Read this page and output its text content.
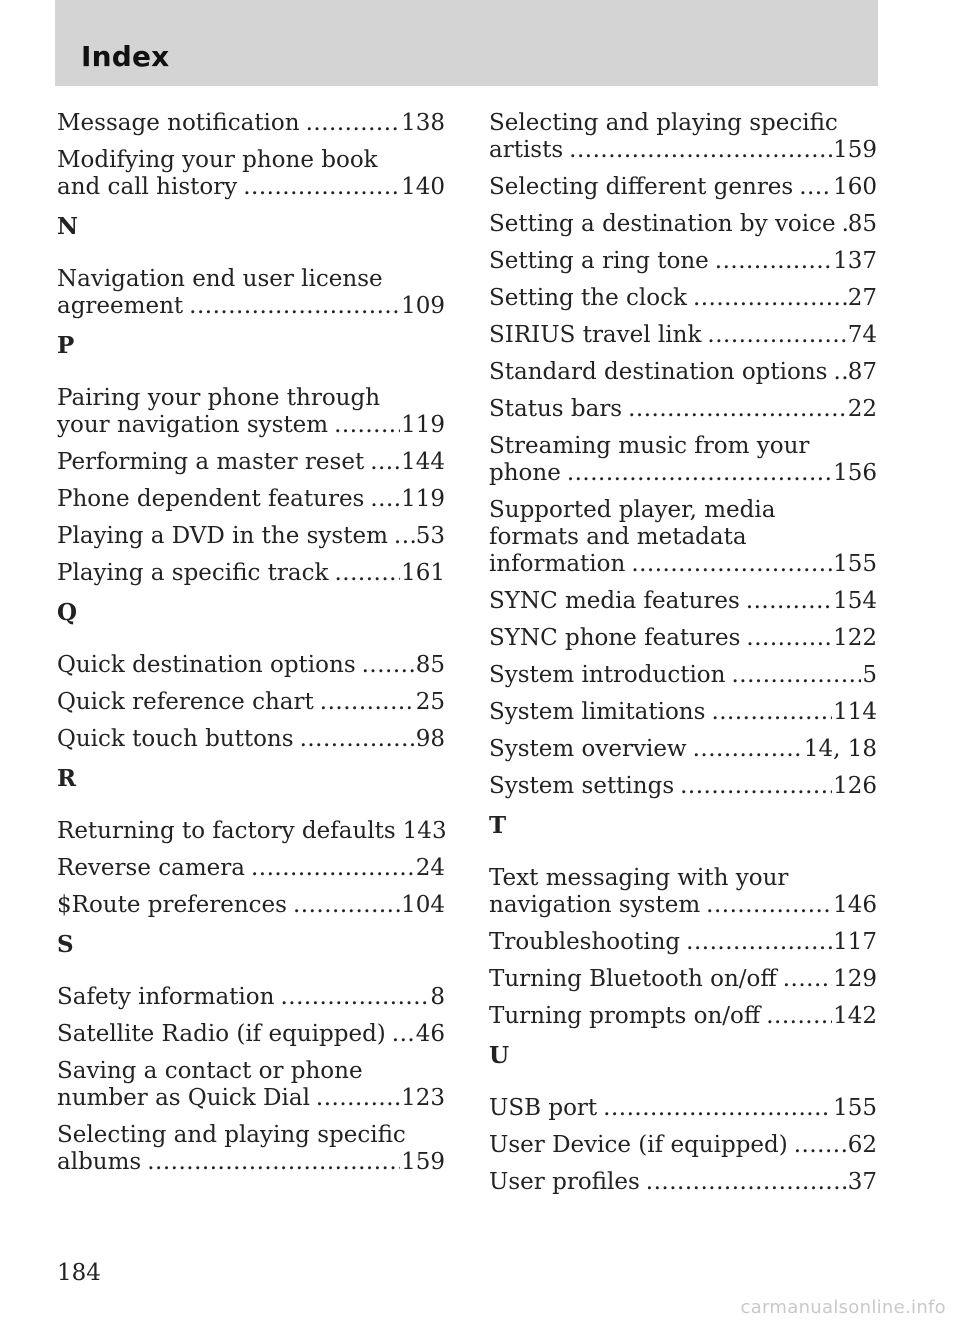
Index
Message notification .....	138
Modifying your phone book
and call history .....	140
N
Navigation end user license
agreement .....	109
P
Pairing your phone through
your navigation system .....	119
Performing a master reset ..... 144
Phone dependent features ..... 119
Playing a DVD in the system ..... 53
Playing a specific track .....	161
Q
Quick destination options .....	85
Quick reference chart .....	25
Quick touch buttons .....	98
R
Returning to factory defaults 143
Reverse camera .....	24
$Route preferences .....	104
S
Safety information .....	8
Satellite Radio (if equipped) ..... 46
Saving a contact or phone
number as Quick Dial .....	123
Selecting and playing specific
albums .....	159
Selecting and playing specific
artists .....	159
Selecting different genres ..... 160
Setting a destination by voice ..... 85
Setting a ring tone .....	137
Setting the clock .....	27
SIRIUS travel link .....	74
Standard destination options ..... 87
Status bars .....	22
Streaming music from your
phone .....	156
Supported player, media
formats and metadata
information .....	155
SYNC media features .....	154
SYNC phone features .....	122
System introduction .....	5
System limitations .....	114
System overview .....	14, 18
System settings .....	126
T
Text messaging with your
navigation system .....	146
Troubleshooting .....	117
Turning Bluetooth on/off ..... 129
Turning prompts on/off .....	142
U
USB port .....	155
User Device (if equipped) .....	62
User profiles .....	37
184
carmanualsonline.info
